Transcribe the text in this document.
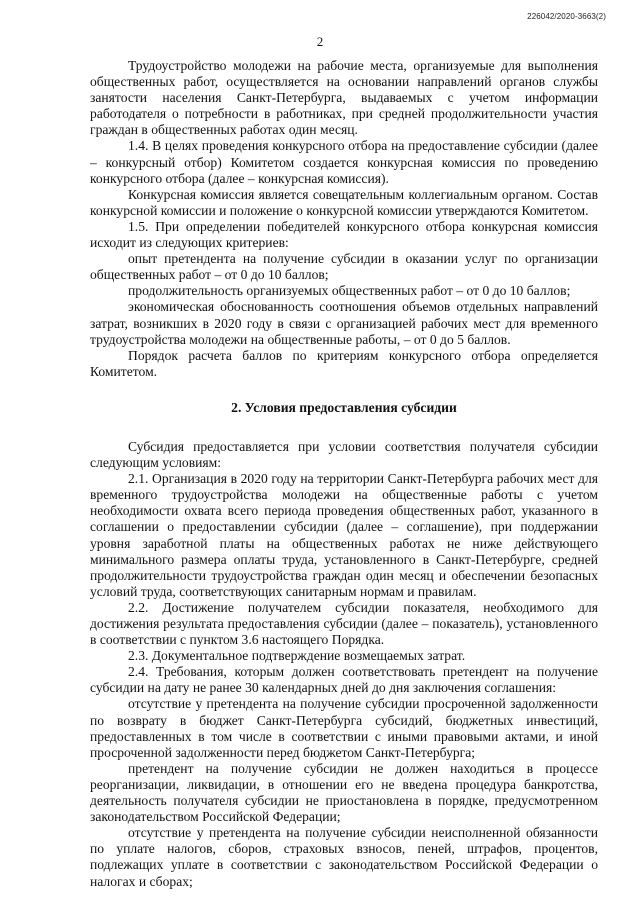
226042/2020-3663(2)
2

Трудоустройство молодежи на рабочие места, организуемые для выполнения общественных работ, осуществляется на основании направлений органов службы занятости населения Санкт-Петербурга, выдаваемых с учетом информации работодателя о потребности в работниках, при средней продолжительности участия граждан в общественных работах один месяц.

1.4. В целях проведения конкурсного отбора на предоставление субсидии (далее – конкурсный отбор) Комитетом создается конкурсная комиссия по проведению конкурсного отбора (далее – конкурсная комиссия).

Конкурсная комиссия является совещательным коллегиальным органом. Состав конкурсной комиссии и положение о конкурсной комиссии утверждаются Комитетом.

1.5. При определении победителей конкурсного отбора конкурсная комиссия исходит из следующих критериев:

опыт претендента на получение субсидии в оказании услуг по организации общественных работ – от 0 до 10 баллов;

продолжительность организуемых общественных работ – от 0 до 10 баллов;

экономическая обоснованность соотношения объемов отдельных направлений затрат, возникших в 2020 году в связи с организацией рабочих мест для временного трудоустройства молодежи на общественные работы, – от 0 до 5 баллов.

Порядок расчета баллов по критериям конкурсного отбора определяется Комитетом.

2. Условия предоставления субсидии

Субсидия предоставляется при условии соответствия получателя субсидии следующим условиям:

2.1. Организация в 2020 году на территории Санкт-Петербурга рабочих мест для временного трудоустройства молодежи на общественные работы с учетом необходимости охвата всего периода проведения общественных работ, указанного в соглашении о предоставлении субсидии (далее – соглашение), при поддержании уровня заработной платы на общественных работах не ниже действующего минимального размера оплаты труда, установленного в Санкт-Петербурге, средней продолжительности трудоустройства граждан один месяц и обеспечении безопасных условий труда, соответствующих санитарным нормам и правилам.

2.2. Достижение получателем субсидии показателя, необходимого для достижения результата предоставления субсидии (далее – показатель), установленного в соответствии с пунктом 3.6 настоящего Порядка.

2.3. Документальное подтверждение возмещаемых затрат.

2.4. Требования, которым должен соответствовать претендент на получение субсидии на дату не ранее 30 календарных дней до дня заключения соглашения:

отсутствие у претендента на получение субсидии просроченной задолженности по возврату в бюджет Санкт-Петербурга субсидий, бюджетных инвестиций, предоставленных в том числе в соответствии с иными правовыми актами, и иной просроченной задолженности перед бюджетом Санкт-Петербурга;

претендент на получение субсидии не должен находиться в процессе реорганизации, ликвидации, в отношении его не введена процедура банкротства, деятельность получателя субсидии не приостановлена в порядке, предусмотренном законодательством Российской Федерации;

отсутствие у претендента на получение субсидии неисполненной обязанности по уплате налогов, сборов, страховых взносов, пеней, штрафов, процентов, подлежащих уплате в соответствии с законодательством Российской Федерации о налогах и сборах;
